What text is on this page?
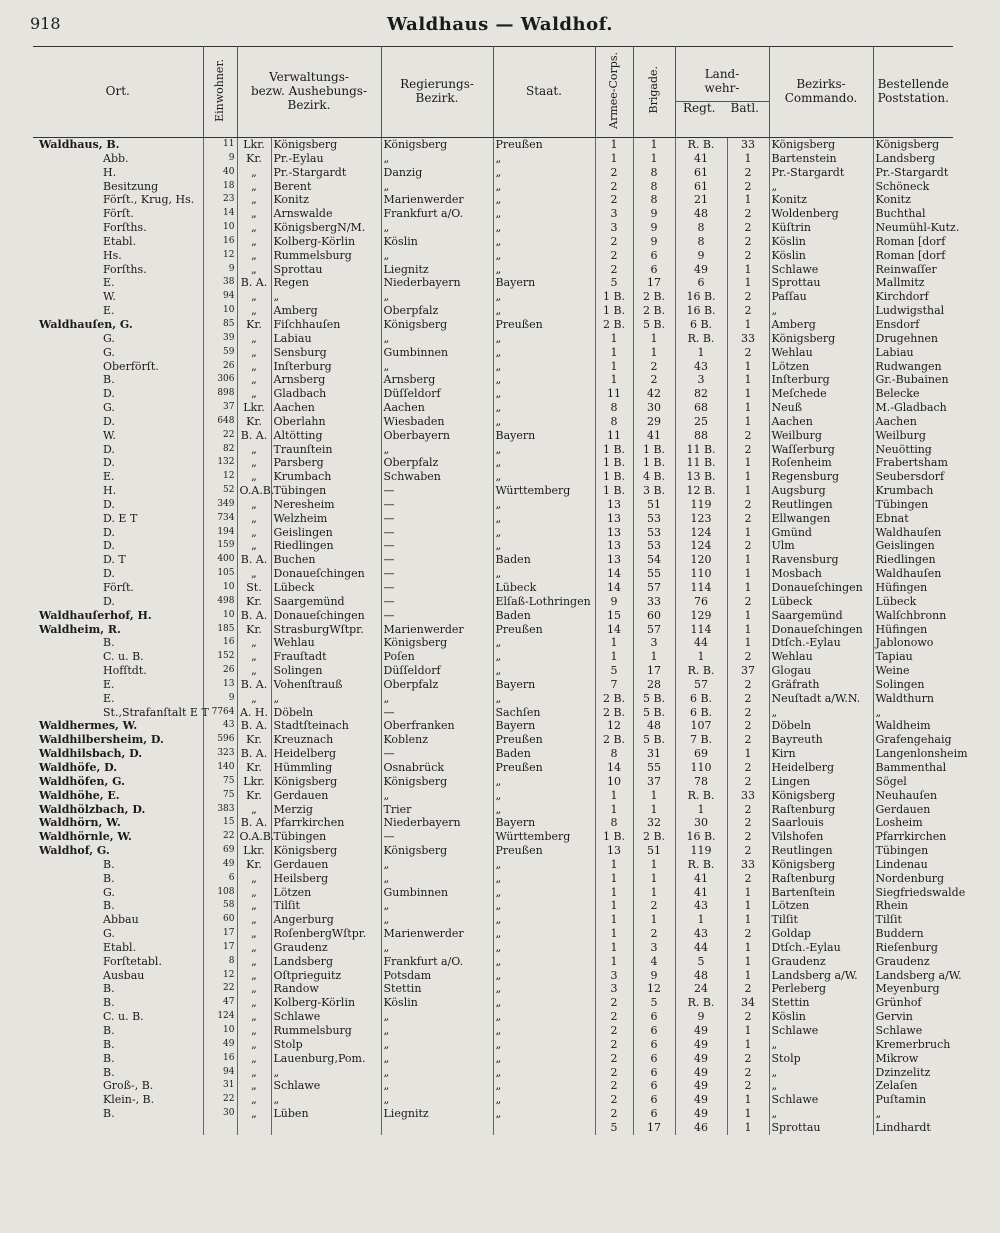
918	Waldhaus — Waldhof.
Ort.	Einwohner.	Verwaltungs-
bezw. Aushebungs-
Bezirk.		Regierungs-
Bezirk.	Staat.	Armee-Corps.	Brigade.	Land-
wehr-
Regt. Batl.		Bezirks-
Commando.	Bestellende
Poststation.

Waldhaus, B.	11	Lkr.	Königsberg	Königsberg	Preußen	1	1	R. B.	33	Königsberg	Königsberg
Abb.	9	Kr.	Pr.-Eylau	„	„	1	1	41	1	Bartenstein	Landsberg
H.	40	„	Pr.-Stargardt	Danzig	„	2	8	61	2	Pr.-Stargardt	Pr.-Stargardt
Besitzung	18	„	Berent	„	„	2	8	61	2	„	Schöneck
Förſt., Krug, Hs.	23	„	Konitz	Marienwerder	„	2	8	21	1	Konitz	Konitz
Förſt.	14	„	Arnswalde	Frankfurt a/O.	„	3	9	48	2	Woldenberg	Buchthal
Forſths.	10	„	KönigsbergN/M.	„	„	3	9	8	2	Küſtrin	Neumühl-Kutz.
Etabl.	16	„	Kolberg-Körlin	Köslin	„	2	9	8	2	Köslin	Roman [dorf
Hs.	12	„	Rummelsburg	„	„	2	6	9	2	Köslin	Roman [dorf
Forſths.	9	„	Sprottau	Liegnitz	„	2	6	49	1	Schlawe	Reinwaſſer
E.	38	B. A.	Regen	Niederbayern	Bayern	5	17	6	1	Sprottau	Mallmitz
W.	94	„	„	„	„	1 B.	2 B.	16 B.	2	Paſſau	Kirchdorf
E.	10	„	Amberg	Oberpfalz	„	1 B.	2 B.	16 B.	2	„	Ludwigsthal
Waldhauſen, G.	85	Kr.	Fiſchhauſen	Königsberg	Preußen	2 B.	5 B.	6 B.	1	Amberg	Ensdorf
G.	39	„	Labiau	„	„	1	1	R. B.	33	Königsberg	Drugehnen
G.	59	„	Sensburg	Gumbinnen	„	1	1	1	2	Wehlau	Labiau
Oberförſt.	26	„	Inſterburg	„	„	1	2	43	1	Lötzen	Rudwangen
B.	306	„	Arnsberg	Arnsberg	„	1	2	3	1	Inſterburg	Gr.-Bubainen
D.	898	„	Gladbach	Düſſeldorf	„	11	42	82	1	Meſchede	Belecke
G.	37	Lkr.	Aachen	Aachen	„	8	30	68	1	Neuß	M.-Gladbach
D.	648	Kr.	Oberlahn	Wiesbaden	„	8	29	25	1	Aachen	Aachen
W.	22	B. A.	Altötting	Oberbayern	Bayern	11	41	88	2	Weilburg	Weilburg
D.	82	„	Traunſtein	„	„	1 B.	1 B.	11 B.	2	Waſſerburg	Neuötting
D.	132	„	Parsberg	Oberpfalz	„	1 B.	1 B.	11 B.	1	Roſenheim	Frabertsham
E.	12	„	Krumbach	Schwaben	„	1 B.	4 B.	13 B.	1	Regensburg	Seubersdorf
H.	52	O.A.B.	Tübingen	—	Württemberg	1 B.	3 B.	12 B.	1	Augsburg	Krumbach
D.	349	„	Neresheim	—	„	13	51	119	2	Reutlingen	Tübingen
D. E T	734	„	Welzheim	—	„	13	53	123	2	Ellwangen	Ebnat
D.	194	„	Geislingen	—	„	13	53	124	1	Gmünd	Waldhauſen
D.	159	„	Riedlingen	—	„	13	53	124	2	Ulm	Geislingen
D. T	400	B. A.	Buchen	—	Baden	13	54	120	1	Ravensburg	Riedlingen
D.	105	„	Donaueſchingen	—	„	14	55	110	1	Mosbach	Waldhauſen
Förſt.	10	St.	Lübeck	—	Lübeck	14	57	114	1	Donaueſchingen	Hüfingen
D.	498	Kr.	Saargemünd	—	Elſaß-Lothringen	9	33	76	2	Lübeck	Lübeck
Waldhauſerhof, H.	10	B. A.	Donaueſchingen	—	Baden	15	60	129	1	Saargemünd	Walſchbronn
Waldheim, R.	185	Kr.	StrasburgWſtpr.	Marienwerder	Preußen	14	57	114	1	Donaueſchingen	Hüfingen
B.	16	„	Wehlau	Königsberg	„	1	3	44	1	Dtſch.-Eylau	Jablonowo
C. u. B.	152	„	Frauſtadt	Poſen	„	1	1	1	2	Wehlau	Tapiau
Hofſtdt.	26	„	Solingen	Düſſeldorf	„	5	17	R. B.	37	Glogau	Weine
E.	13	B. A.	Vohenſtrauß	Oberpfalz	Bayern	7	28	57	2	Gräfrath	Solingen
E.	9	„	„	„	„	2 B.	5 B.	6 B.	2	Neuſtadt a/W.N.	Waldthurn
St.,Strafanſtalt E T	7764	A. H.	Döbeln	—	Sachſen	2 B.	5 B.	6 B.	2	„	„
Waldhermes, W.	43	B. A.	Stadtſteinach	Oberfranken	Bayern	12	48	107	2	Döbeln	Waldheim
Waldhilbersheim, D.	596	Kr.	Kreuznach	Koblenz	Preußen	2 B.	5 B.	7 B.	2	Bayreuth	Grafengehaig
Waldhilsbach, D.	323	B. A.	Heidelberg	—	Baden	8	31	69	1	Kirn	Langenlonsheim
Waldhöfe, D.	140	Kr.	Hümmling	Osnabrück	Preußen	14	55	110	2	Heidelberg	Bammenthal
Waldhöfen, G.	75	Lkr.	Königsberg	Königsberg	„	10	37	78	2	Lingen	Sögel
Waldhöhe, E.	75	Kr.	Gerdauen	„	„	1	1	R. B.	33	Königsberg	Neuhauſen
Waldhölzbach, D.	383	„	Merzig	Trier	„	1	1	1	2	Raſtenburg	Gerdauen
Waldhörn, W.	15	B. A.	Pfarrkirchen	Niederbayern	Bayern	8	32	30	2	Saarlouis	Losheim
Waldhörnle, W.	22	O.A.B.	Tübingen	—	Württemberg	1 B.	2 B.	16 B.	2	Vilshofen	Pfarrkirchen
Waldhof, G.	69	Lkr.	Königsberg	Königsberg	Preußen	13	51	119	2	Reutlingen	Tübingen
B.	49	Kr.	Gerdauen	„	„	1	1	R. B.	33	Königsberg	Lindenau
B.	6	„	Heilsberg	„	„	1	1	41	2	Raſtenburg	Nordenburg
G.	108	„	Lötzen	Gumbinnen	„	1	1	41	1	Bartenſtein	Siegfriedswalde
B.	58	„	Tilſit	„	„	1	2	43	1	Lötzen	Rhein
Abbau	60	„	Angerburg	„	„	1	1	1	1	Tilſit	Tilſit
G.	17	„	RoſenbergWſtpr.	Marienwerder	„	1	2	43	2	Goldap	Buddern
Etabl.	17	„	Graudenz	„	„	1	3	44	1	Dtſch.-Eylau	Rieſenburg
Forſtetabl.	8	„	Landsberg	Frankfurt a/O.	„	1	4	5	1	Graudenz	Graudenz
Ausbau	12	„	Oſtprieguitz	Potsdam	„	3	9	48	1	Landsberg a/W.	Landsberg a/W.
B.	22	„	Randow	Stettin	„	3	12	24	2	Perleberg	Meyenburg
B.	47	„	Kolberg-Körlin	Köslin	„	2	5	R. B.	34	Stettin	Grünhof
C. u. B.	124	„	Schlawe	„	„	2	6	9	2	Köslin	Gervin
B.	10	„	Rummelsburg	„	„	2	6	49	1	Schlawe	Schlawe
B.	49	„	Stolp	„	„	2	6	49	1	„	Kremerbruch
B.	16	„	Lauenburg,Pom.	„	„	2	6	49	2	Stolp	Mikrow
B.	94	„	„	„	„	2	6	49	2	„	Dzinzelitz
Groß-, B.	31	„	Schlawe	„	„	2	6	49	2	„	Zelaſen
Klein-, B.	22	„	„	„	„	2	6	49	1	Schlawe	Puſtamin
B.	30	„	Lüben	Liegnitz	„	2	6	49	1	„	„
						5	17	46	1	Sprottau	Lindhardt
